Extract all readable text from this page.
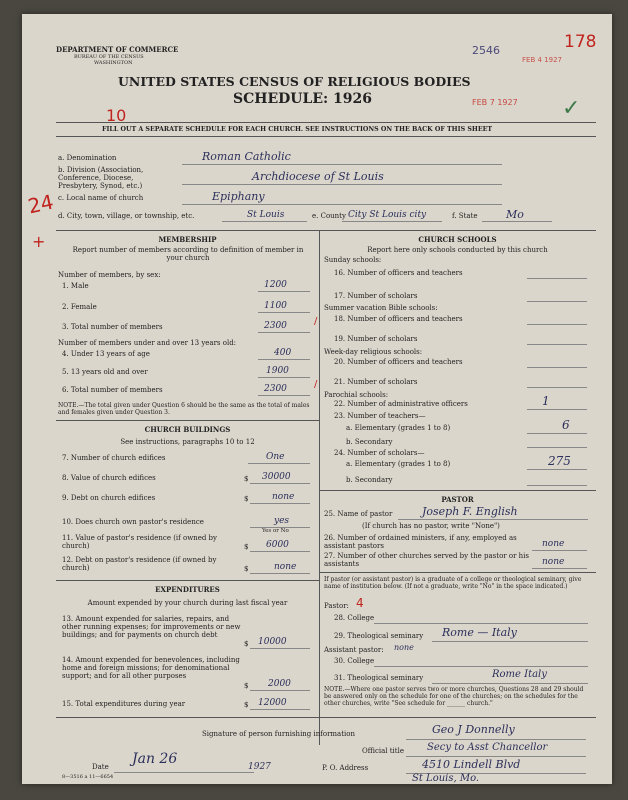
DEPARTMENT OF COMMERCE
BUREAU OF THE CENSUS
WASHINGTON
UNITED STATES CENSUS OF RELIGIOUS BODIES
SCHEDULE: 1926
2546
FEB 4 1927
178
FEB 7 1927 ✓
10
FILL OUT A SEPARATE SCHEDULE FOR EACH CHURCH. SEE INSTRUCTIONS ON THE BACK OF THIS SHEET
a. Denomination	Roman Catholic
b. Division (Association, Conference, Diocese, Presbytery, Synod, etc.)
Archdiocese of St Louis
c. Local name of church	Epiphany
d. City, town, village, or township, etc.	St Louis	e. County City St Louis city	f. State	Mo
24
+	MEMBERSHIP
Report number of members according to definition of member in your church
Number of members, by sex:
1. Male	1200
2. Female	1100
3. Total number of members	2300
Number of members under and over 13 years old:
4. Under 13 years of age	400
5. 13 years old and over	1900
6. Total number of members	2300
NOTE.—The total given under Question 6 should be the same as the total of males and females given under Question 3.
CHURCH BUILDINGS
See instructions, paragraphs 10 to 12
7. Number of church edifices	One
8. Value of church edifices	$ 30000
9. Debt on church edifices	$	none
10. Does church own pastor's residence	yes
Yes or No
11. Value of pastor's residence (if owned by church)	$ 6000
12. Debt on pastor's residence (if owned by church)	$	none
EXPENDITURES
Amount expended by your church during last fiscal year
13. Amount expended for salaries, repairs, and other running expenses; for improvements or new buildings; and for payments on church debt
$ 10000
14. Amount expended for benevolences, including home and foreign missions; for denominational support; and for all other purposes
$ 2000
15. Total expenditures during year	$ 12000
CHURCH SCHOOLS
Report here only schools conducted by this church
Sunday schools:
16. Number of officers and teachers
17. Number of scholars
Summer vacation Bible schools:
18. Number of officers and teachers
19. Number of scholars
Week-day religious schools:
20. Number of officers and teachers
21. Number of scholars
Parochial schools:
22. Number of administrative officers	1
23. Number of teachers—
a. Elementary (grades 1 to 8)	6
b. Secondary
24. Number of scholars—
a. Elementary (grades 1 to 8)	275
b. Secondary
PASTOR
25. Name of pastor	Joseph F. English
(If church has no pastor, write "None")
26. Number of ordained ministers, if any, employed as assistant pastors	none
27. Number of other churches served by the pastor or his assistants	none
If pastor (or assistant pastor) is a graduate of a college or theological seminary, give name of institution below. (If not a graduate, write "No" in the space indicated.)
Pastor: 4
28. College
29. Theological seminary Rome — Italy
Assistant pastor: none
30. College
31. Theological seminary	Rome Italy
NOTE.—Where one pastor serves two or more churches, Questions 28 and 29 should be answered only on the schedule for one of the churches; on the schedules for the other churches, write "See schedule for ______ church."
Signature of person furnishing information	Geo J Donnelly
Official title Secy to Asst Chancellor
Date Jan 26	1927	P. O. Address	4510 Lindell Blvd
St Louis, Mo.
8—3516 a 11—6654
/
/
